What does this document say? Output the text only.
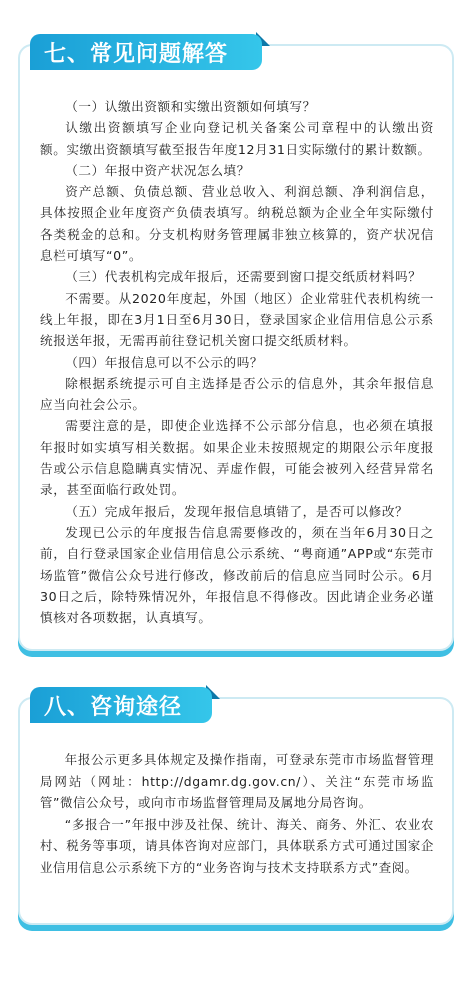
七、常见问题解答

（一）认缴出资额和实缴出资额如何填写？

认缴出资额填写企业向登记机关备案公司章程中的认缴出资额。实缴出资额填写截至报告年度12月31日实际缴付的累计数额。

（二）年报中资产状况怎么填？

资产总额、负债总额、营业总收入、利润总额、净利润信息，具体按照企业年度资产负债表填写。纳税总额为企业全年实际缴付各类税金的总和。分支机构财务管理属非独立核算的，资产状况信息栏可填写“0”。

（三）代表机构完成年报后，还需要到窗口提交纸质材料吗？

不需要。从2020年度起，外国（地区）企业常驻代表机构统一线上年报，即在3月1日至6月30日，登录国家企业信用信息公示系统报送年报，无需再前往登记机关窗口提交纸质材料。

（四）年报信息可以不公示的吗？

除根据系统提示可自主选择是否公示的信息外，其余年报信息应当向社会公示。

需要注意的是，即使企业选择不公示部分信息，也必须在填报年报时如实填写相关数据。如果企业未按照规定的期限公示年度报告或公示信息隐瞒真实情况、弄虚作假，可能会被列入经营异常名录，甚至面临行政处罚。

（五）完成年报后，发现年报信息填错了，是否可以修改？

发现已公示的年度报告信息需要修改的，须在当年6月30日之前，自行登录国家企业信用信息公示系统、“粤商通”APP或“东莞市场监管”微信公众号进行修改，修改前后的信息应当同时公示。6月30日之后，除特殊情况外，年报信息不得修改。因此请企业务必谨慎核对各项数据，认真填写。

八、咨询途径

年报公示更多具体规定及操作指南，可登录东莞市市场监督管理局网站（网址：http://dgamr.dg.gov.cn/）、关注“东莞市场监管”微信公众号，或向市市场监督管理局及属地分局咨询。

“多报合一”年报中涉及社保、统计、海关、商务、外汇、农业农村、税务等事项，请具体咨询对应部门，具体联系方式可通过国家企业信用信息公示系统下方的“业务咨询与技术支持联系方式”查阅。
